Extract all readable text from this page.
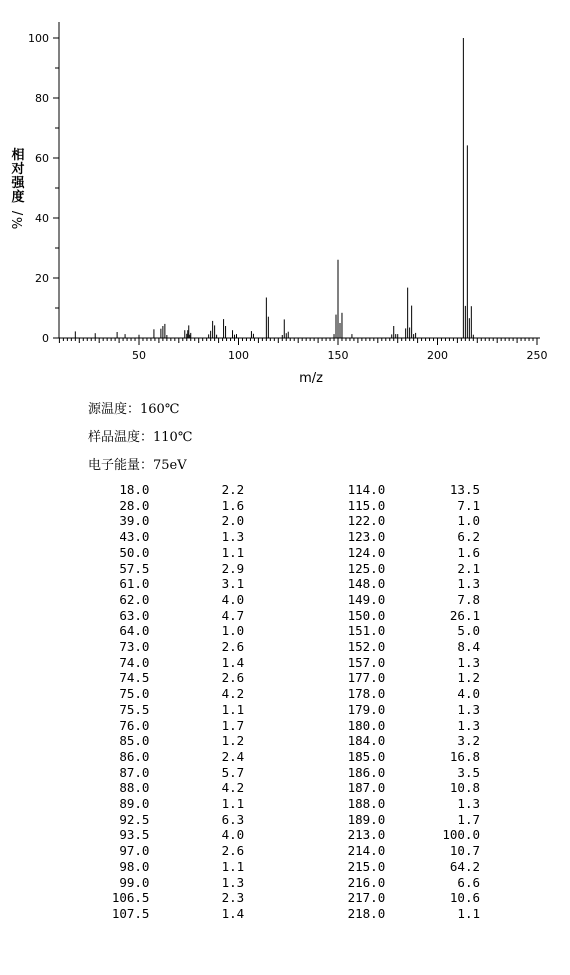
相
对
强
度
/
%
0
20
40
60
80
100
50	100	150	200	250
m/z
源温度：160℃
样品温度：110℃
电子能量：75eV
18.0	2.2	114.0	13.5
28.0	1.6	115.0	7.1
39.0	2.0	122.0	1.0
43.0	1.3	123.0	6.2
50.0	1.1	124.0	1.6
57.5	2.9	125.0	2.1
61.0	3.1	148.0	1.3
62.0	4.0	149.0	7.8
63.0	4.7	150.0	26.1
64.0	1.0	151.0	5.0
73.0	2.6	152.0	8.4
74.0	1.4	157.0	1.3
74.5	2.6	177.0	1.2
75.0	4.2	178.0	4.0
75.5	1.1	179.0	1.3
76.0	1.7	180.0	1.3
85.0	1.2	184.0	3.2
86.0	2.4	185.0	16.8
87.0	5.7	186.0	3.5
88.0	4.2	187.0	10.8
89.0	1.1	188.0	1.3
92.5	6.3	189.0	1.7
93.5	4.0	213.0	100.0
97.0	2.6	214.0	10.7
98.0	1.1	215.0	64.2
99.0	1.3	216.0	6.6
106.5	2.3	217.0	10.6
107.5	1.4	218.0	1.1
